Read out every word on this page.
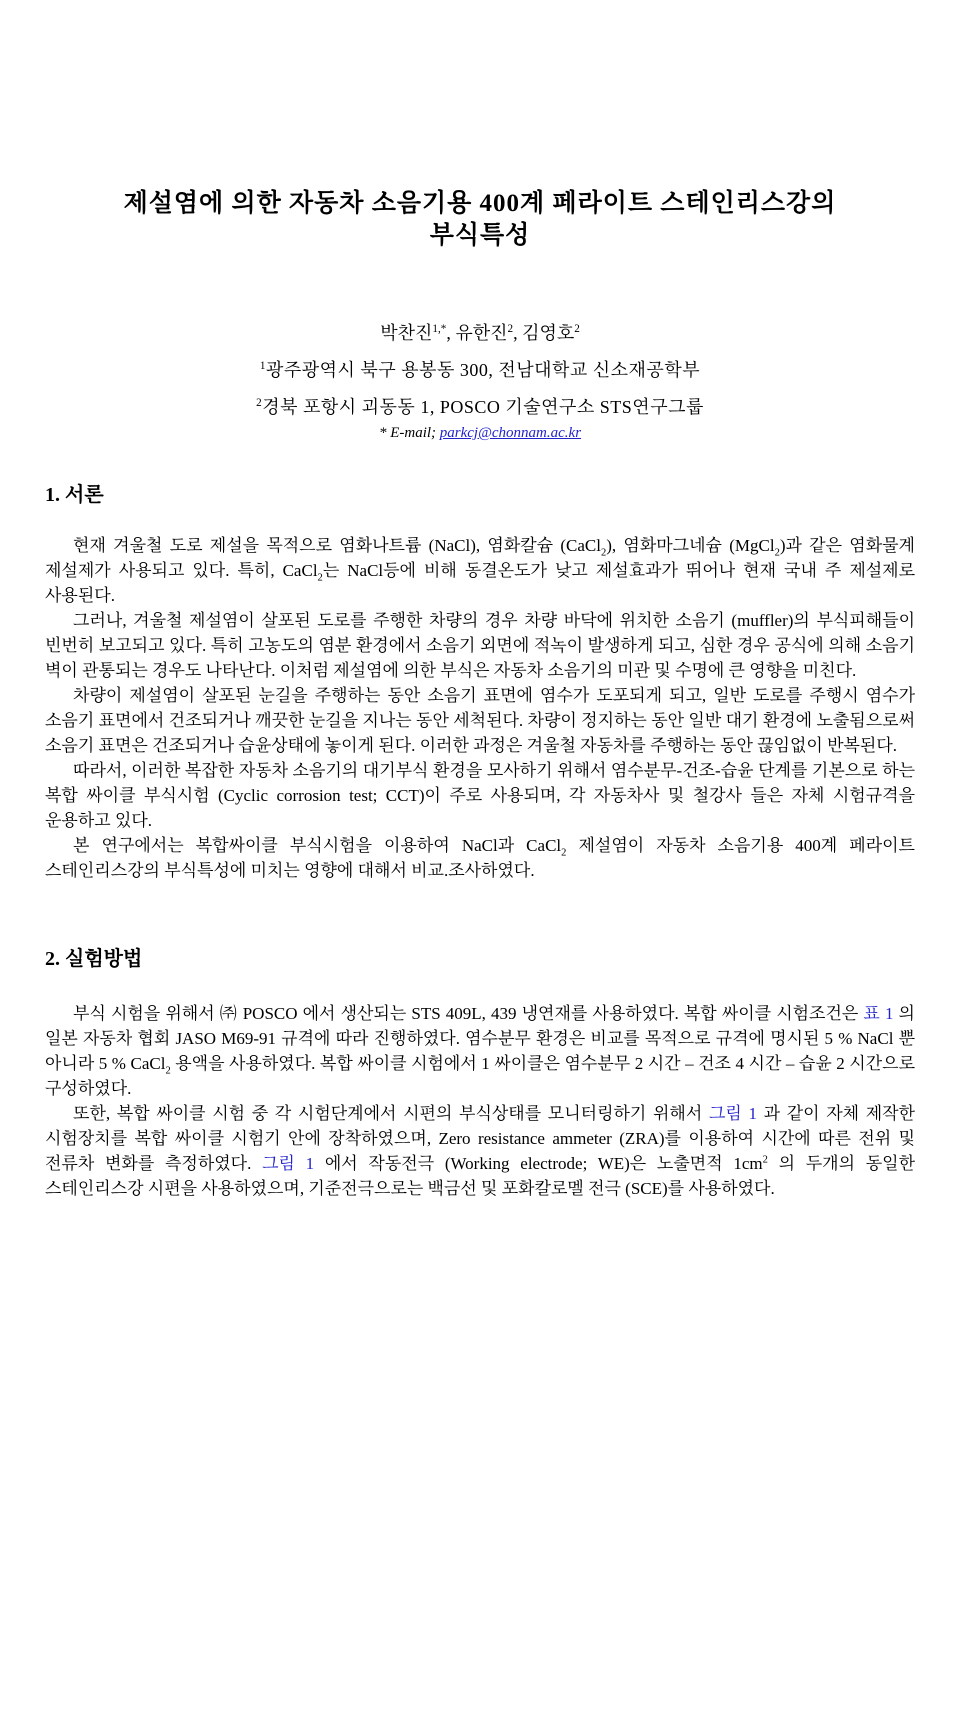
제설염에 의한 자동차 소음기용 400계 페라이트 스테인리스강의
부식특성
박찬진$^{1,*}$, 유한진$^2$, 김영호$^2$
$^1$광주광역시 북구 용봉동 300, 전남대학교 신소재공학부
$^2$경북 포항시 괴동동 1, POSCO 기술연구소 STS연구그룹
* E-mail; parkcj@chonnam.ac.kr
1. 서론

현재 겨울철 도로 제설을 목적으로 염화나트륨 (NaCl), 염화칼슘 (CaCl$_2$), 염화마그네슘 (MgCl$_2$)과 같은 염화물계 제설제가 사용되고 있다. 특히, CaCl$_2$는 NaCl등에 비해 동결온도가 낮고 제설효과가 뛰어나 현재 국내 주 제설제로 사용된다.

그러나, 겨울철 제설염이 살포된 도로를 주행한 차량의 경우 차량 바닥에 위치한 소음기 (muffler)의 부식피해들이 빈번히 보고되고 있다. 특히 고농도의 염분 환경에서 소음기 외면에 적녹이 발생하게 되고, 심한 경우 공식에 의해 소음기 벽이 관통되는 경우도 나타난다. 이처럼 제설염에 의한 부식은 자동차 소음기의 미관 및 수명에 큰 영향을 미친다.

차량이 제설염이 살포된 눈길을 주행하는 동안 소음기 표면에 염수가 도포되게 되고, 일반 도로를 주행시 염수가 소음기 표면에서 건조되거나 깨끗한 눈길을 지나는 동안 세척된다. 차량이 정지하는 동안 일반 대기 환경에 노출됨으로써 소음기 표면은 건조되거나 습윤상태에 놓이게 된다. 이러한 과정은 겨울철 자동차를 주행하는 동안 끊임없이 반복된다.

따라서, 이러한 복잡한 자동차 소음기의 대기부식 환경을 모사하기 위해서 염수분무-건조-습윤 단계를 기본으로 하는 복합 싸이클 부식시험 (Cyclic corrosion test; CCT)이 주로 사용되며, 각 자동차사 및 철강사 들은 자체 시험규격을 운용하고 있다.

본 연구에서는 복합싸이클 부식시험을 이용하여 NaCl과 CaCl$_2$ 제설염이 자동차 소음기용 400계 페라이트 스테인리스강의 부식특성에 미치는 영향에 대해서 비교.조사하였다.

2. 실험방법

부식 시험을 위해서 ㈜ POSCO 에서 생산되는 STS 409L, 439 냉연재를 사용하였다. 복합 싸이클 시험조건은 표 1 의 일본 자동차 협회 JASO M69-91 규격에 따라 진행하였다. 염수분무 환경은 비교를 목적으로 규격에 명시된 5 % NaCl 뿐 아니라 5 % CaCl$_2$ 용액을 사용하였다. 복합 싸이클 시험에서 1 싸이클은 염수분무 2 시간 – 건조 4 시간 – 습윤 2 시간으로 구성하였다.

또한, 복합 싸이클 시험 중 각 시험단계에서 시편의 부식상태를 모니터링하기 위해서 그림 1 과 같이 자체 제작한 시험장치를 복합 싸이클 시험기 안에 장착하였으며, Zero resistance ammeter (ZRA)를 이용하여 시간에 따른 전위 및 전류차 변화를 측정하였다. 그림 1 에서 작동전극 (Working electrode; WE)은 노출면적 $1cm^2$ 의 두개의 동일한 스테인리스강 시편을 사용하였으며, 기준전극으로는 백금선 및 포화칼로멜 전극 (SCE)를 사용하였다.
